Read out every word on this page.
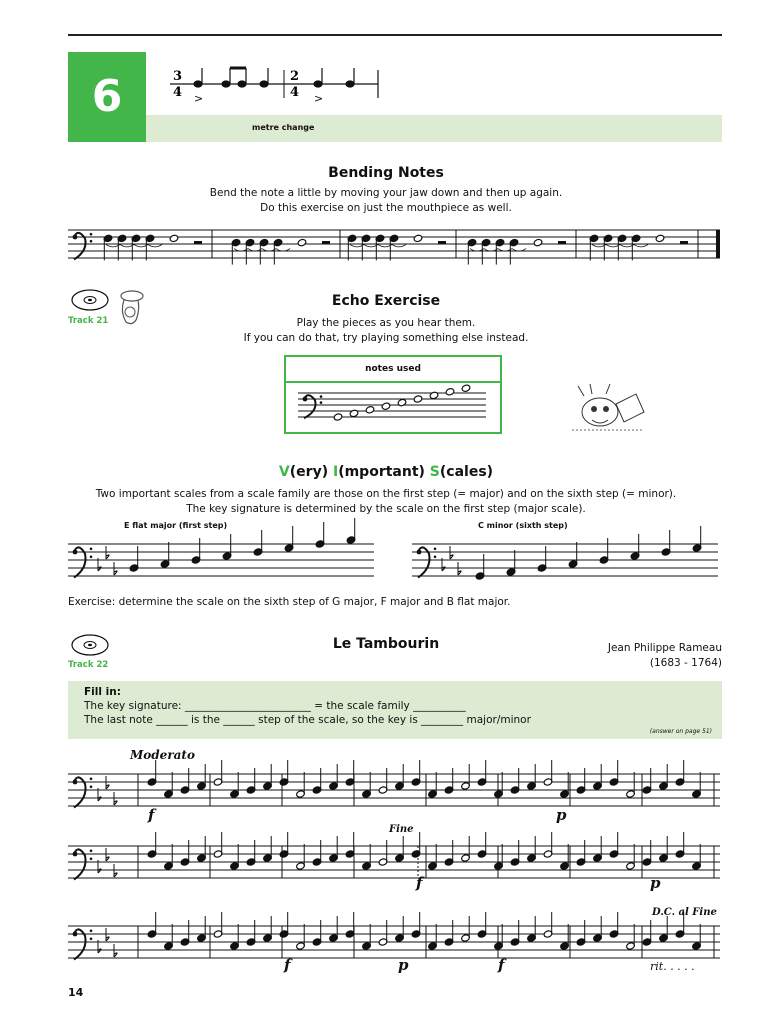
6
metre change
3
4
2
4
>	>
Bending Notes
Bend the note a little by moving your jaw down and then up again.
Do this exercise on just the mouthpiece as well.
Track 21
Echo Exercise
Play the pieces as you hear them.
If you can do that, try playing something else instead.
notes used
V(ery) I(mportant) S(cales)
Two important scales from a scale family are those on the first step (= major) and on the sixth step (= minor).
The key signature is determined by the scale on the first step (major scale).
E flat major (first step)	C minor (sixth step)
Exercise: determine the scale on the sixth step of G major, F major and B flat major.
Track 22
Le Tambourin	Jean Philippe Rameau
(1683 - 1764)
Fill in:
The key signature: ________________________ = the scale family __________
The last note ______ is the ______ step of the scale, so the key is ________ major/minor
(answer on page 51)
Moderato
f	p
Fine
f	p
D.C. al Fine
f	p	f	rit. . . . .
14
